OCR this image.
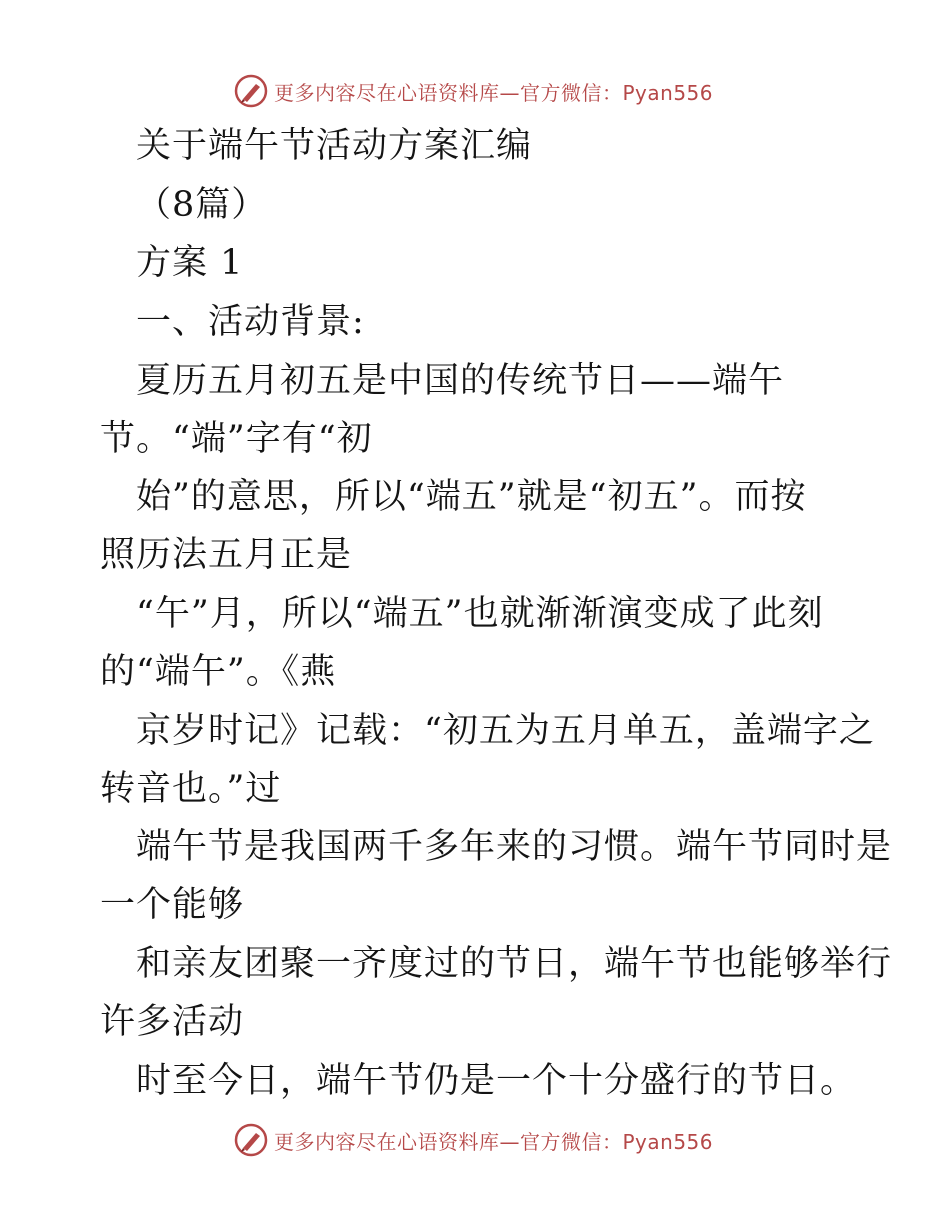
更多内容尽在心语资料库—官方微信：Pyan556
关于端午节活动方案汇编
（8篇）
方案 1
一、活动背景:
夏历五月初五是中国的传统节日——端午
节。“端”字有“初
始”的意思，所以“端五”就是“初五”。而按
照历法五月正是
“午”月，所以“端五”也就渐渐演变成了此刻
的“端午”。《燕
京岁时记》记载：“初五为五月单五，盖端字之
转音也。”过
端午节是我国两千多年来的习惯。端午节同时是
一个能够
和亲友团聚一齐度过的节日，端午节也能够举行
许多活动
时至今日，端午节仍是一个十分盛行的节日。
更多内容尽在心语资料库—官方微信：Pyan556
